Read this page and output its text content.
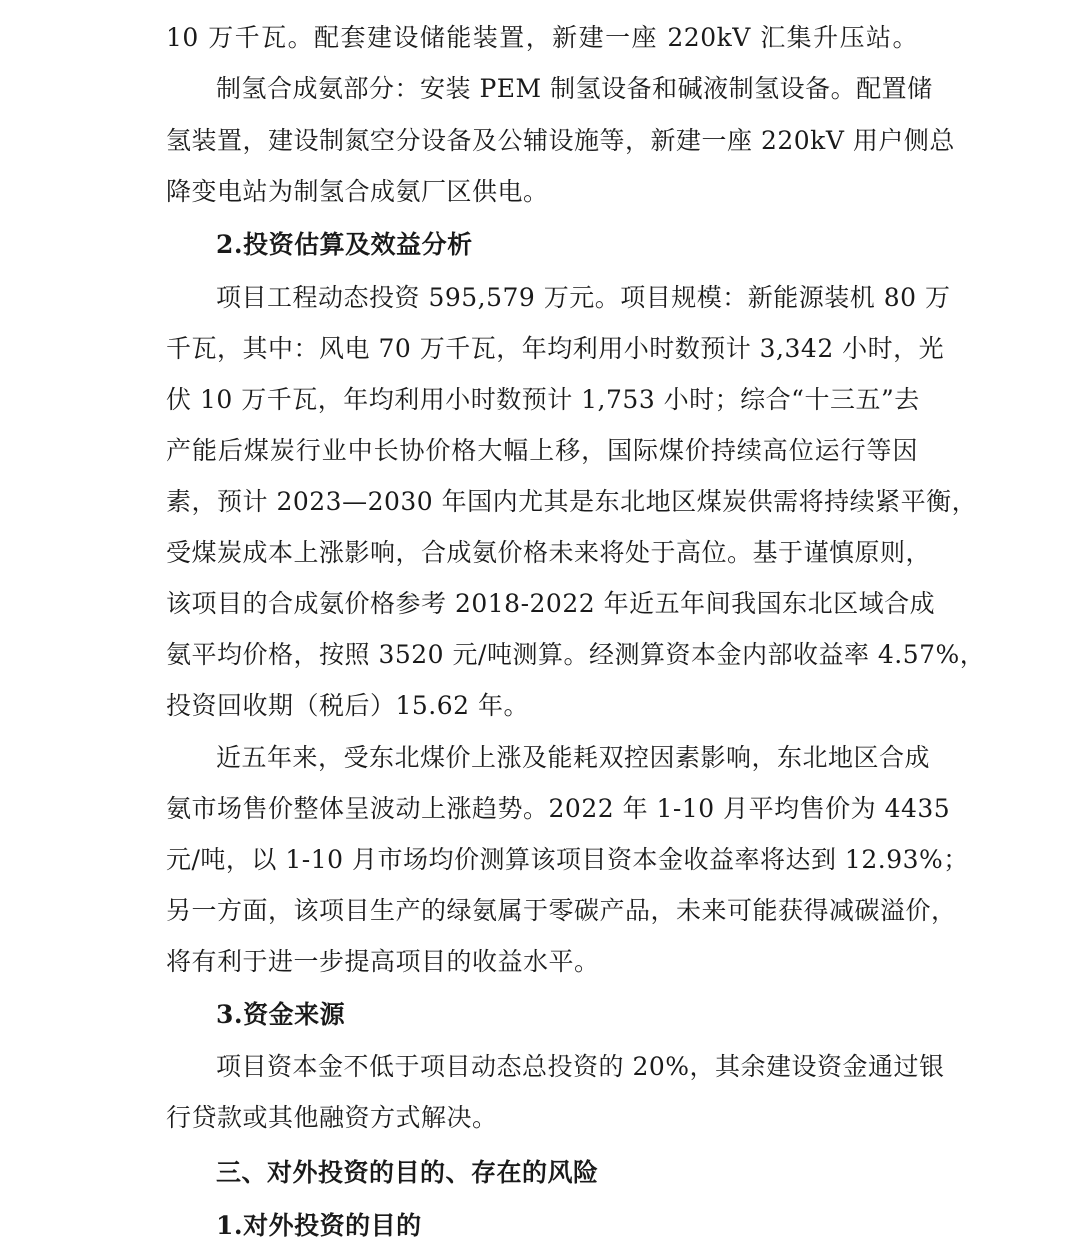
10 万千瓦。配套建设储能装置，新建一座 220kV 汇集升压站。
制氢合成氨部分：安装 PEM 制氢设备和碱液制氢设备。配置储
氢装置，建设制氮空分设备及公辅设施等，新建一座 220kV 用户侧总
降变电站为制氢合成氨厂区供电。
2.投资估算及效益分析
项目工程动态投资 595,579 万元。项目规模：新能源装机 80 万
千瓦，其中：风电 70 万千瓦，年均利用小时数预计 3,342 小时，光
伏 10 万千瓦，年均利用小时数预计 1,753 小时；综合“十三五”去
产能后煤炭行业中长协价格大幅上移，国际煤价持续高位运行等因
素，预计 2023—2030 年国内尤其是东北地区煤炭供需将持续紧平衡，
受煤炭成本上涨影响，合成氨价格未来将处于高位。基于谨慎原则，
该项目的合成氨价格参考 2018-2022 年近五年间我国东北区域合成
氨平均价格，按照 3520 元/吨测算。经测算资本金内部收益率 4.57%，
投资回收期（税后）15.62 年。
近五年来，受东北煤价上涨及能耗双控因素影响，东北地区合成
氨市场售价整体呈波动上涨趋势。2022 年 1-10 月平均售价为 4435
元/吨，以 1-10 月市场均价测算该项目资本金收益率将达到 12.93%；
另一方面，该项目生产的绿氨属于零碳产品，未来可能获得减碳溢价，
将有利于进一步提高项目的收益水平。
3.资金来源
项目资本金不低于项目动态总投资的 20%，其余建设资金通过银
行贷款或其他融资方式解决。
三、对外投资的目的、存在的风险
1.对外投资的目的
